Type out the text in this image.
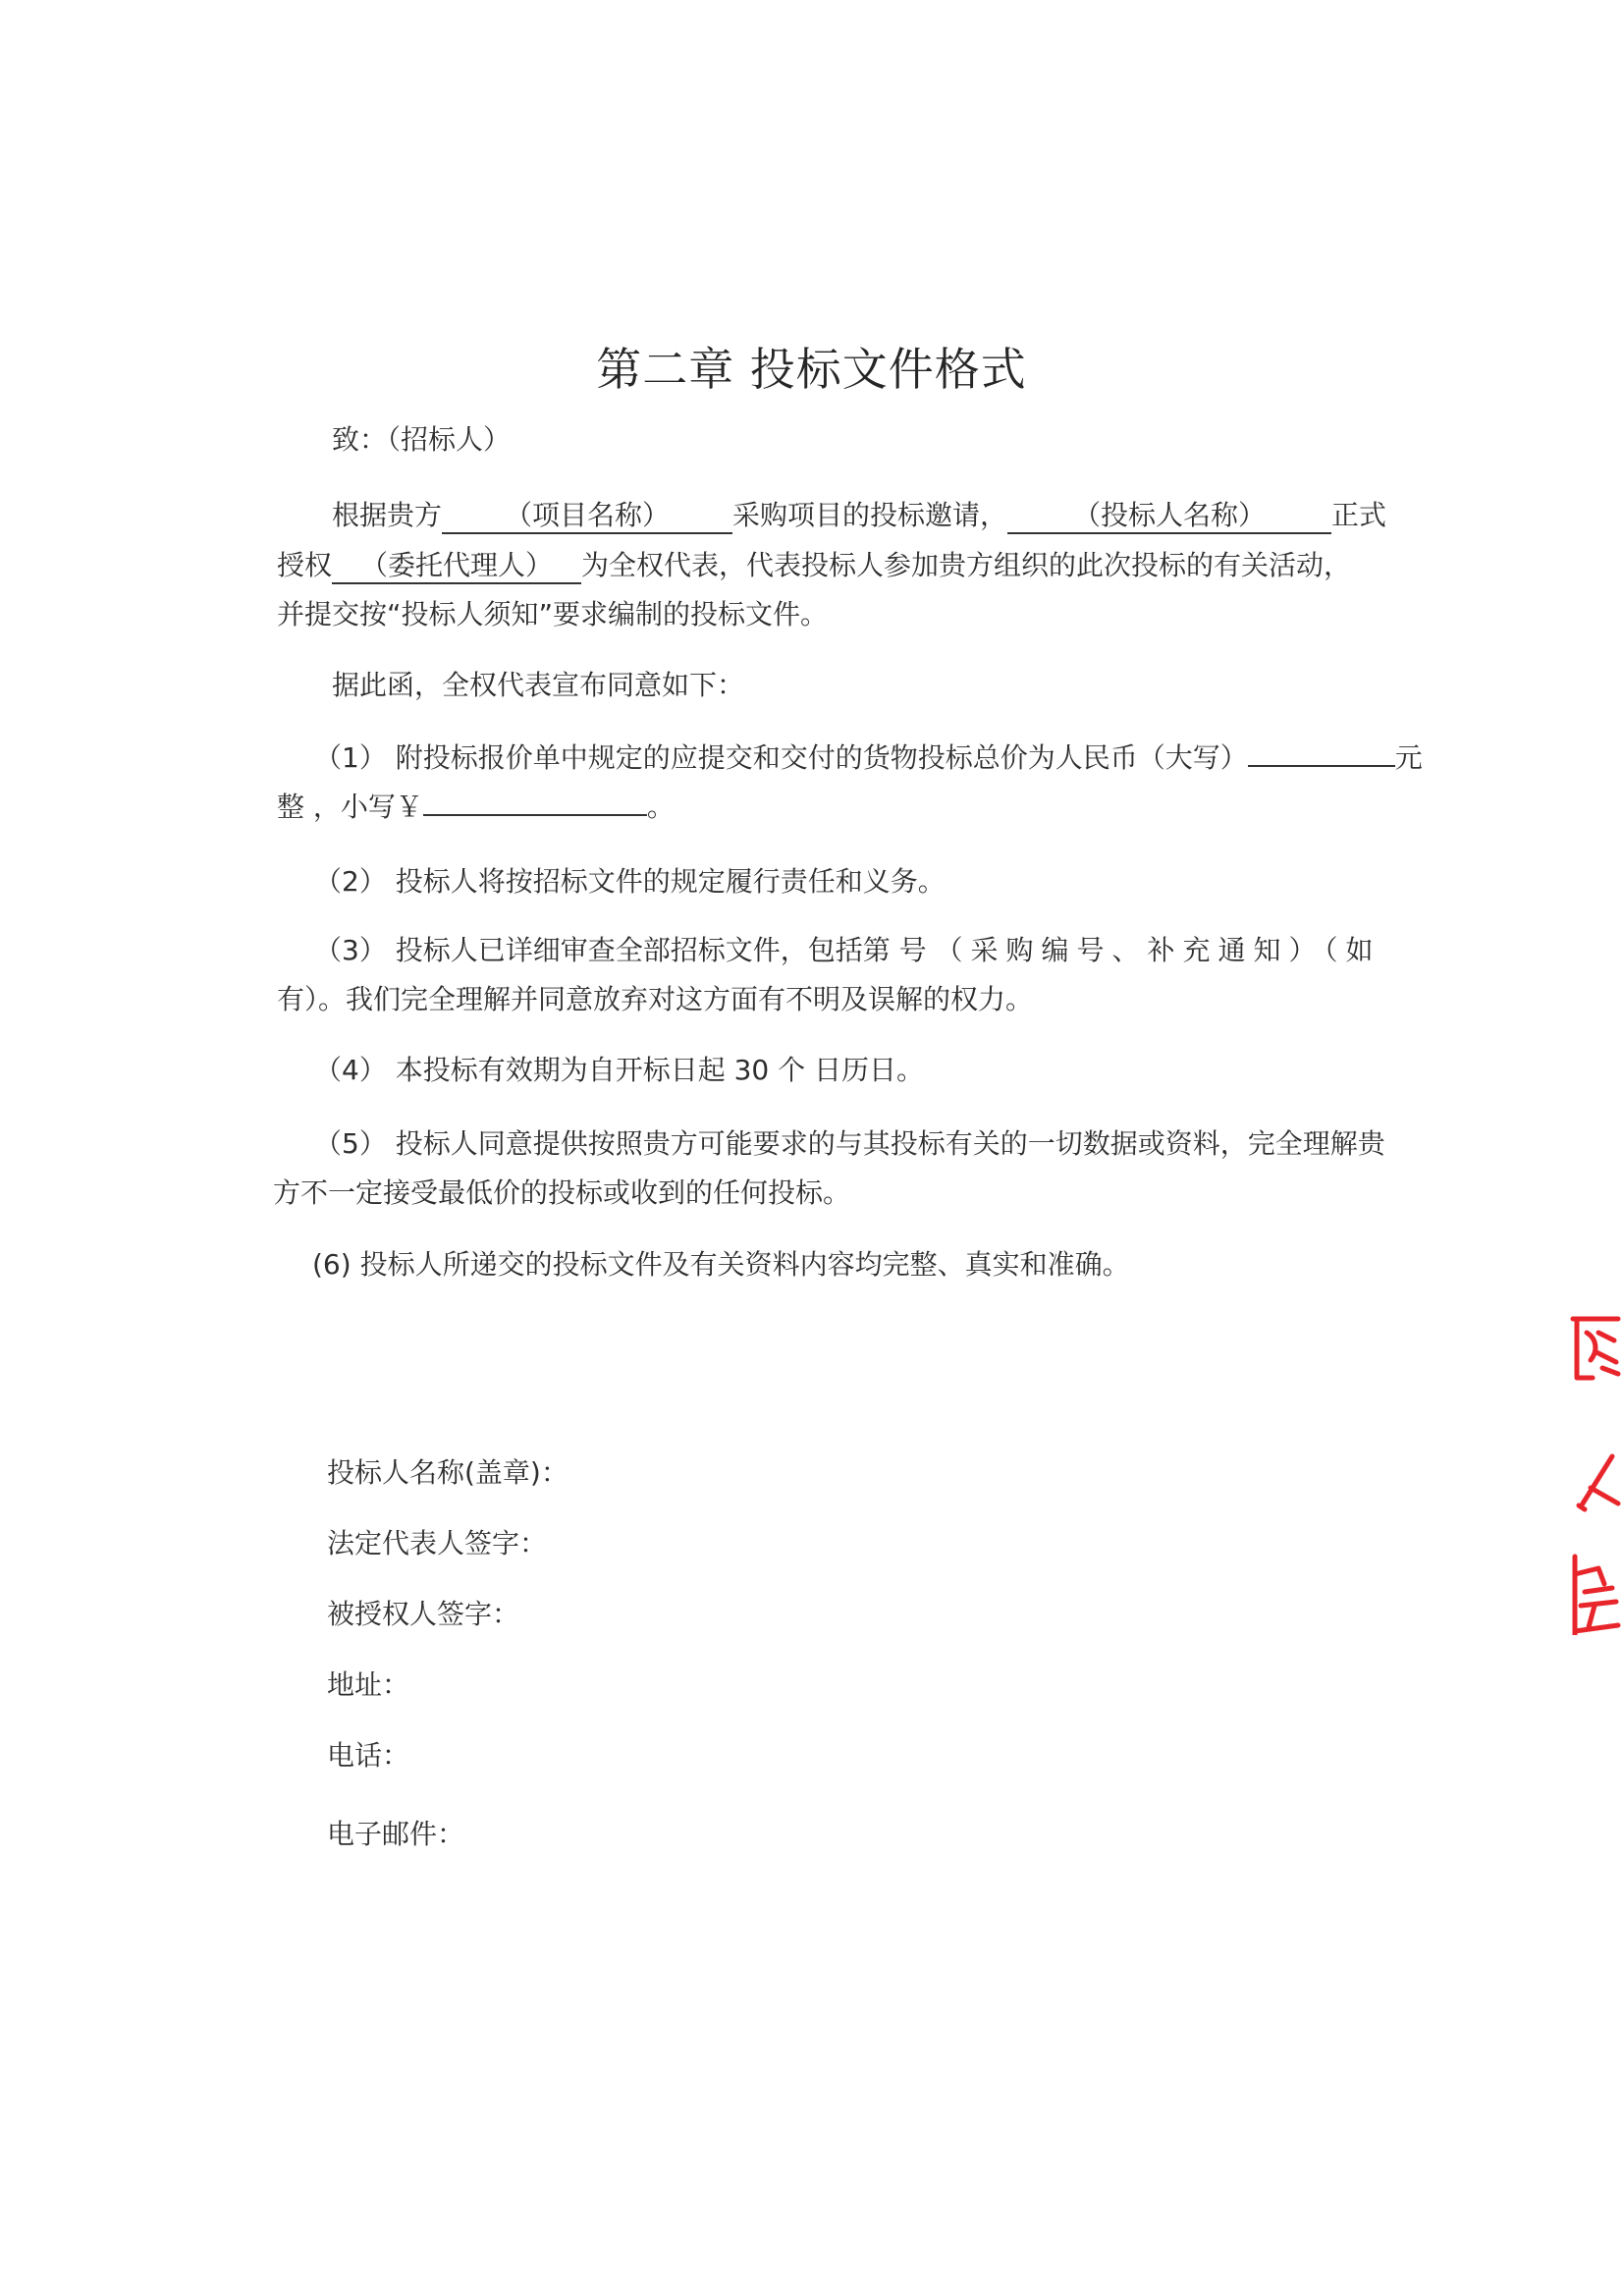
第二章 投标文件格式
致：（招标人）
根据贵方 （项目名称） 采购项目的投标邀请， （投标人名称） 正式
授权 （委托代理人） 为全权代表，代表投标人参加贵方组织的此次投标的有关活动，
并提交按“投标人须知”要求编制的投标文件。
据此函，全权代表宣布同意如下：
（1） 附投标报价单中规定的应提交和交付的货物投标总价为人民币（大写）	元
整 ，小写￥	。
（2） 投标人将按招标文件的规定履行责任和义务。
（3） 投标人已详细审查全部招标文件，包括第 号 （采购编号、补充通知）（如
有）。我们完全理解并同意放弃对这方面有不明及误解的权力。
（4） 本投标有效期为自开标日起 30 个 日历日。
（5） 投标人同意提供按照贵方可能要求的与其投标有关的一切数据或资料，完全理解贵
方不一定接受最低价的投标或收到的任何投标。
(6) 投标人所递交的投标文件及有关资料内容均完整、真实和准确。
投标人名称(盖章)：
法定代表人签字：
被授权人签字：
地址：
电话：
电子邮件：
